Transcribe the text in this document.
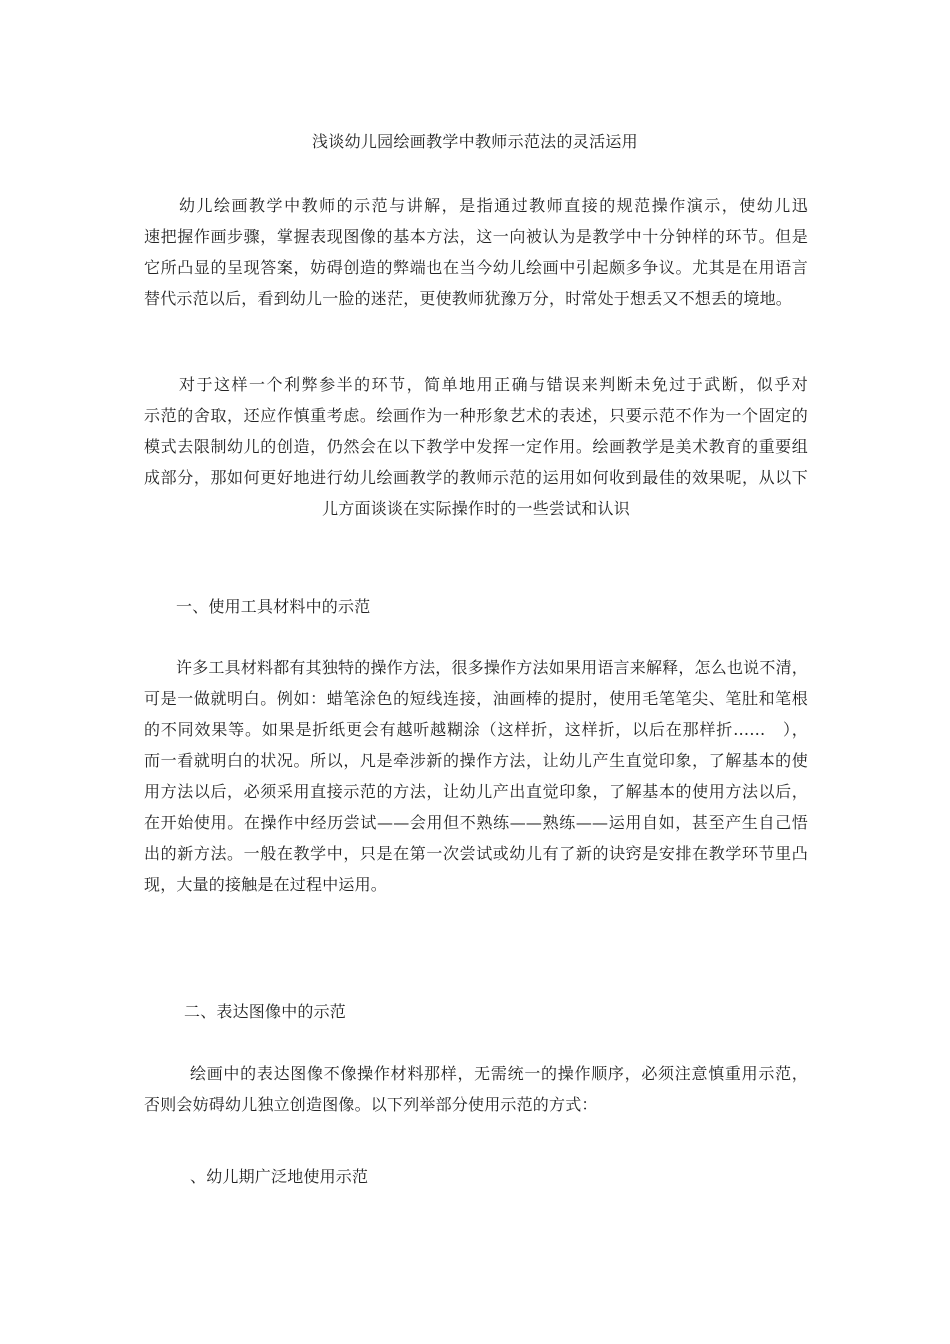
浅谈幼儿园绘画教学中教师示范法的灵活运用
　　幼儿绘画教学中教师的示范与讲解，是指通过教师直接的规范操作演示，使幼儿迅
速把握作画步骤，掌握表现图像的基本方法，这一向被认为是教学中十分钟样的环节。但是
它所凸显的呈现答案，妨碍创造的弊端也在当今幼儿绘画中引起颇多争议。尤其是在用语言
替代示范以后，看到幼儿一脸的迷茫，更使教师犹豫万分，时常处于想丢又不想丢的境地。
　　对于这样一个利弊参半的环节，简单地用正确与错误来判断未免过于武断，似乎对
示范的舍取，还应作慎重考虑。绘画作为一种形象艺术的表述，只要示范不作为一个固定的
模式去限制幼儿的创造，仍然会在以下教学中发挥一定作用。绘画教学是美术教育的重要组
成部分，那如何更好地进行幼儿绘画教学的教师示范的运用如何收到最佳的效果呢，从以下
儿方面谈谈在实际操作时的一些尝试和认识
一、使用工具材料中的示范
许多工具材料都有其独特的操作方法，很多操作方法如果用语言来解释，怎么也说不清，
可是一做就明白。例如：蜡笔涂色的短线连接，油画棒的提肘，使用毛笔笔尖、笔肚和笔根
的不同效果等。如果是折纸更会有越听越糊涂（这样折，这样折，以后在那样折……　），
而一看就明白的状况。所以，凡是牵涉新的操作方法，让幼儿产生直觉印象，了解基本的使
用方法以后，必须采用直接示范的方法，让幼儿产出直觉印象，了解基本的使用方法以后，
在开始使用。在操作中经历尝试——会用但不熟练——熟练——运用自如，甚至产生自己悟
出的新方法。一般在教学中，只是在第一次尝试或幼儿有了新的诀窍是安排在教学环节里凸
现，大量的接触是在过程中运用。
二、表达图像中的示范
绘画中的表达图像不像操作材料那样，无需统一的操作顺序，必须注意慎重用示范，
否则会妨碍幼儿独立创造图像。以下列举部分使用示范的方式：
、幼儿期广泛地使用示范
